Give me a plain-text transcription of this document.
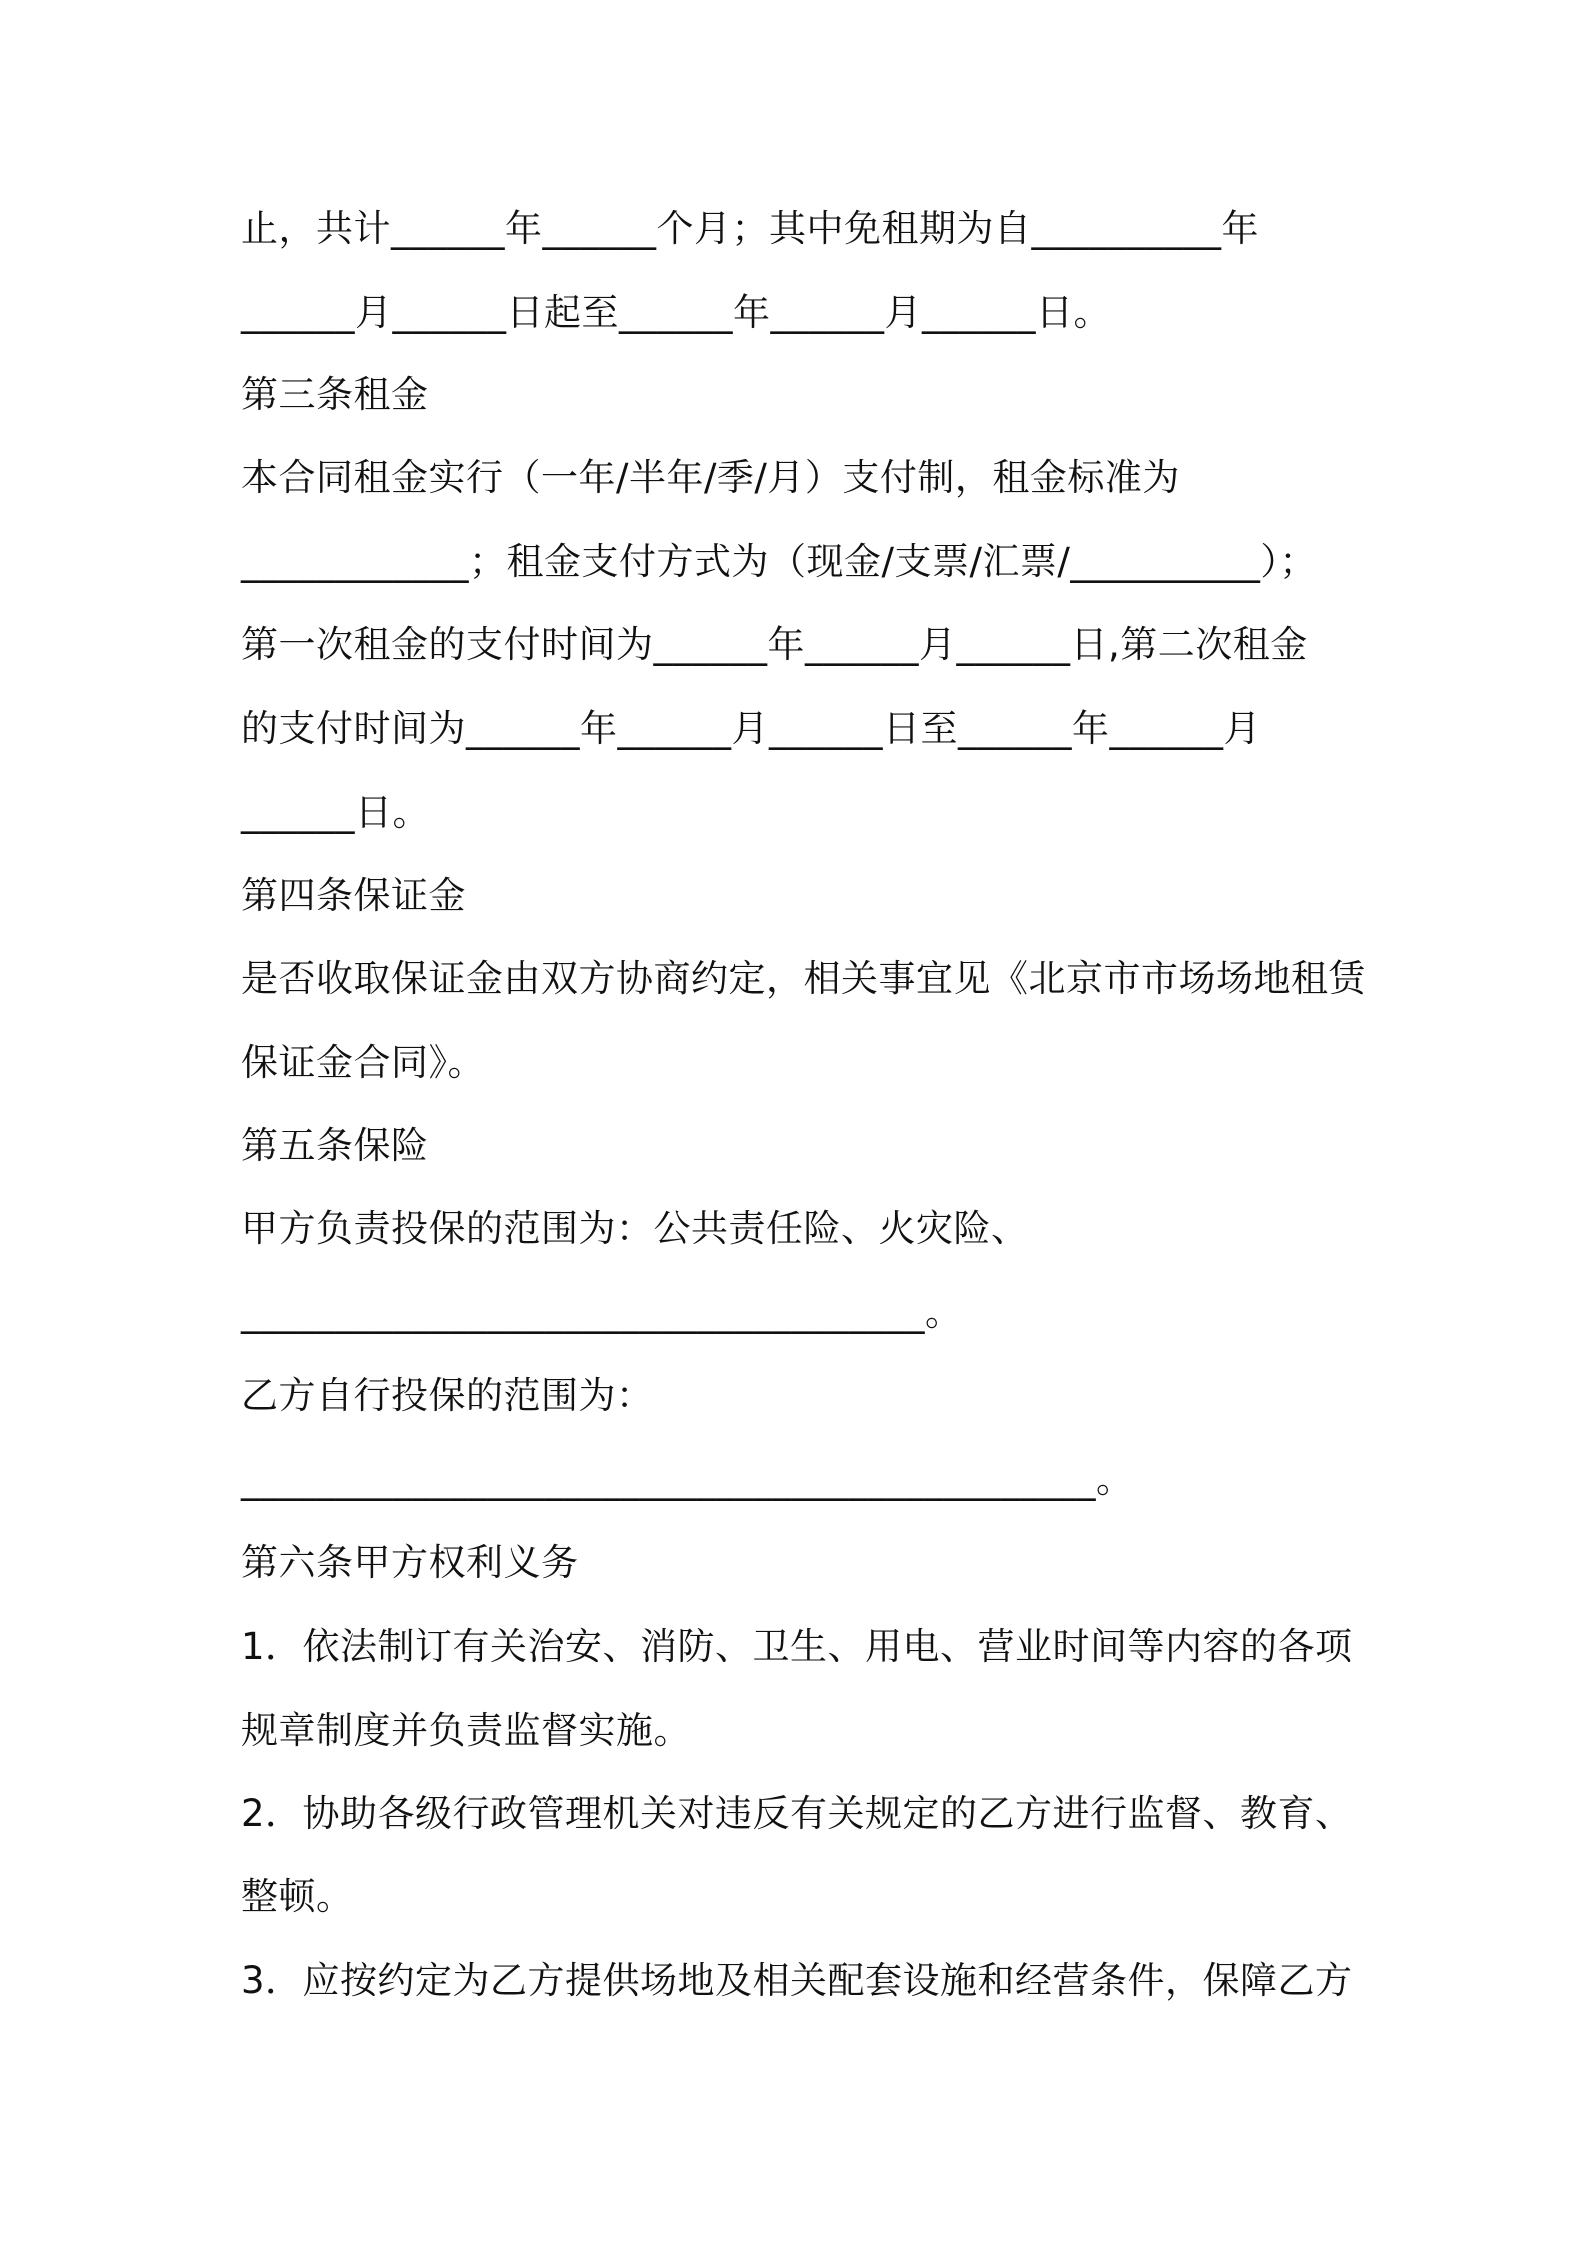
止，共计______年______个月；其中免租期为自__________年
______月______日起至______年______月______日。
第三条租金
本合同租金实行（一年/半年/季/月）支付制，租金标准为
____________；租金支付方式为（现金/支票/汇票/__________）；
第一次租金的支付时间为______年______月______日,第二次租金
的支付时间为______年______月______日至______年______月
______日。
第四条保证金
是否收取保证金由双方协商约定，相关事宜见《北京市市场场地租赁
保证金合同》。
第五条保险
甲方负责投保的范围为：公共责任险、火灾险、
____________________________________。
乙方自行投保的范围为：
_____________________________________________。
第六条甲方权利义务
1．依法制订有关治安、消防、卫生、用电、营业时间等内容的各项
规章制度并负责监督实施。
2．协助各级行政管理机关对违反有关规定的乙方进行监督、教育、
整顿。
3．应按约定为乙方提供场地及相关配套设施和经营条件，保障乙方
